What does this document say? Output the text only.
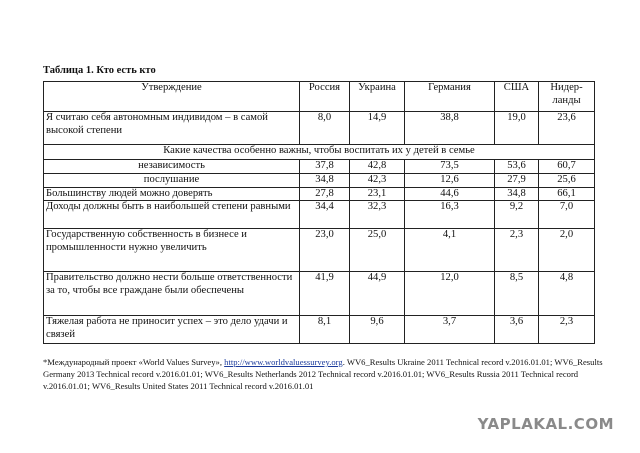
Таблица 1. Кто есть кто
Утверждение	Россия	Украина	Германия	США	Нидер-
ланды
Я считаю себя автономным индивидом – в самой высокой степени	8,0	14,9	38,8	19,0	23,6
Какие качества особенно важны, чтобы воспитать их у детей в семье					
независимость	37,8	42,8	73,5	53,6	60,7
послушание	34,8	42,3	12,6	27,9	25,6
Большинству людей можно доверять	27,8	23,1	44,6	34,8	66,1
Доходы должны быть в наибольшей степени равными	34,4	32,3	16,3	9,2	7,0
Государственную собственность в бизнесе и промышленности нужно увеличить	23,0	25,0	4,1	2,3	2,0
Правительство должно нести больше ответственности за то, чтобы все граждане были обеспечены	41,9	44,9	12,0	8,5	4,8
Тяжелая работа не приносит успех – это дело удачи и связей	8,1	9,6	3,7	3,6	2,3
*Международный проект «World Values Survey», http://www.worldvaluessurvey.org. WV6_Results Ukraine 2011 Technical record v.2016.01.01; WV6_Results Germany 2013 Technical record v.2016.01.01; WV6_Results Netherlands 2012 Technical record v.2016.01.01; WV6_Results Russia 2011 Technical record v.2016.01.01; WV6_Results United States 2011 Technical record v.2016.01.01
YAPLAKAL.COM
